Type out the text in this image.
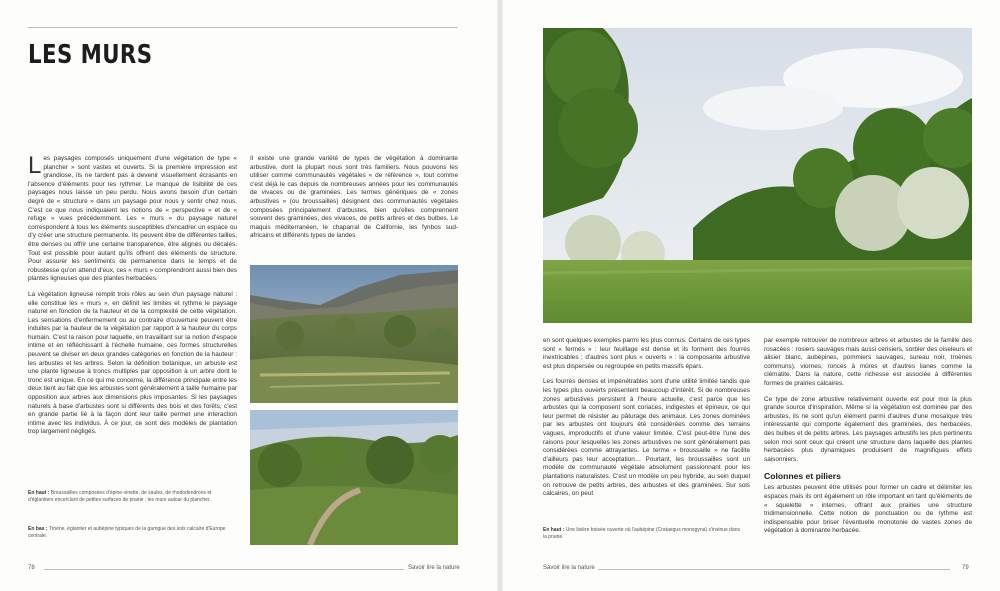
LES MURS

Les paysages composés uniquement d'une végétation de type « plancher » sont vastes et ouverts. Si la première impression est grandiose, ils ne tardent pas à devenir visuellement écrasants en l'absence d'éléments pour les rythmer. Le manque de lisibilité de ces paysages nous laisse un peu perdu. Nous avons besoin d'un certain degré de « structure » dans un paysage pour nous y sentir chez nous. C'est ce que nous indiquaient les notions de « perspective » et de « refuge » vues précédemment. Les « murs » du paysage naturel correspondent à tous les éléments susceptibles d'encadrer un espace ou d'y créer une structure permanente. Ils peuvent être de différentes tailles, être denses ou offrir une certaine transparence, être alignés ou décalés. Tout est possible pour autant qu'ils offrent des éléments de structure. Pour assurer les sentiments de permanence dans le temps et de robustesse qu'on attend d'eux, ces « murs » comprendront aussi bien des plantes ligneuses que des plantes herbacées.

La végétation ligneuse remplit trois rôles au sein d'un paysage naturel : elle constitue les « murs », en définit les limites et rythme le paysage naturel en fonction de la hauteur et de la complexité de cette végétation. Les sensations d'enfermement ou au contraire d'ouverture peuvent être induites par la hauteur de la végétation par rapport à la hauteur du corps humain. C'est la raison pour laquelle, en travaillant sur la notion d'espace intime et en réfléchissant à l'échelle humaine, ces formes structurelles peuvent se diviser en deux grandes catégories en fonction de la hauteur : les arbustes et les arbres. Selon la définition botanique, un arbuste est une plante ligneuse à troncs multiples par opposition à un arbre dont le tronc est unique. En ce qui me concerne, la différence principale entre les deux tient au fait que les arbustes sont généralement à taille humaine par opposition aux arbres aux dimensions plus imposantes. Si les paysages naturels à base d'arbustes sont si différents des bois et des forêts, c'est en grande partie lié à la façon dont leur taille permet une interaction intime avec les individus. À ce jour, ce sont des modèles de plantation trop largement négligés.

Il existe une grande variété de types de végétation à dominante arbustive, dont la plupart nous sont très familiers. Nous pouvons les utiliser comme communautés végétales « de référence », tout comme c'est déjà le cas depuis de nombreuses années pour les communautés de vivaces ou de graminées. Les termes génériques de « zones arbustives » (ou broussailles) désignent des communautés végétales composées principalement d'arbustes, bien qu'elles comprennent souvent des graminées, des vivaces, de petits arbres et des bulbes. Le maquis méditerranéen, le chaparral de Californie, les fynbos sud-africains et différents types de landes

En haut : Broussailles composées d'épine-vinette, de saules, de rhododendrons et d'églantiers encerclant de petites surfaces de prairie : les murs autour du plancher.
En bas : Troène, églantier et aubépine typiques de la garrigue des sols calcaire d'Europe centrale.
78	Savoir lire la nature

en sont quelques exemples parmi les plus connus. Certains de ces types sont « fermés » : leur feuillage est dense et ils forment des fourrés inextricables ; d'autres sont plus « ouverts » : la composante arbustive est plus dispersée ou regroupée en petits massifs épars.

Les fourrés denses et impénétrables sont d'une utilité limitée tandis que les types plus ouverts présentent beaucoup d'intérêt. Si de nombreuses zones arbustives persistent à l'heure actuelle, c'est parce que les arbustes qui la composent sont coriaces, indigestes et épineux, ce qui leur permet de résister au pâturage des animaux. Les zones dominées par les arbustes ont toujours été considérées comme des terrains vagues, improductifs et d'une valeur limitée. C'est peut-être l'une des raisons pour lesquelles les zones arbustives ne sont généralement pas considérées comme attrayantes. Le terme « broussaille » ne facilite d'ailleurs pas leur acceptation… Pourtant, les broussailles sont un modèle de communauté végétale absolument passionnant pour les plantations naturalistes. C'est un modèle un peu hybride, au sein duquel on retrouve de petits arbres, des arbustes et des graminées. Sur sols calcaires, on peut

par exemple retrouver de nombreux arbres et arbustes de la famille des rosacées : rosiers sauvages mais aussi cerisiers, sorbier des oiseleurs et alisier blanc, aubépines, pommiers sauvages, sureau noir, troènes communs), viornes, ronces à mûres et d'autres lianes comme la clématite. Dans la nature, cette richesse est associée à différentes formes de prairies calcaires.

Ce type de zone arbustive relativement ouverte est pour moi la plus grande source d'inspiration. Même si la végétation est dominée par des arbustes, ils ne sont qu'un élément parmi d'autres d'une mosaïque très intéressante qui comporte également des graminées, des herbacées, des bulbes et de petits arbres. Les paysages arbustifs les plus pertinents selon moi sont ceux qui créent une structure dans laquelle des plantes herbacées plus dynamiques produisent de magnifiques effets saisonniers.

Colonnes et piliers

Les arbustes peuvent être utilisés pour former un cadre et délimiter les espaces mais ils ont également un rôle important en tant qu'éléments de « squelette » internes, offrant aux prairies une structure tridimensionnelle. Cette notion de ponctuation ou de rythme est indispensable pour briser l'éventuelle monotonie de vastes zones de végétation à dominante herbacée.

En haut : Une lisière boisée ouverte où l'aubépine (Crataegus monogyna) s'insinue dans la prairie.
Savoir lire la nature	79
